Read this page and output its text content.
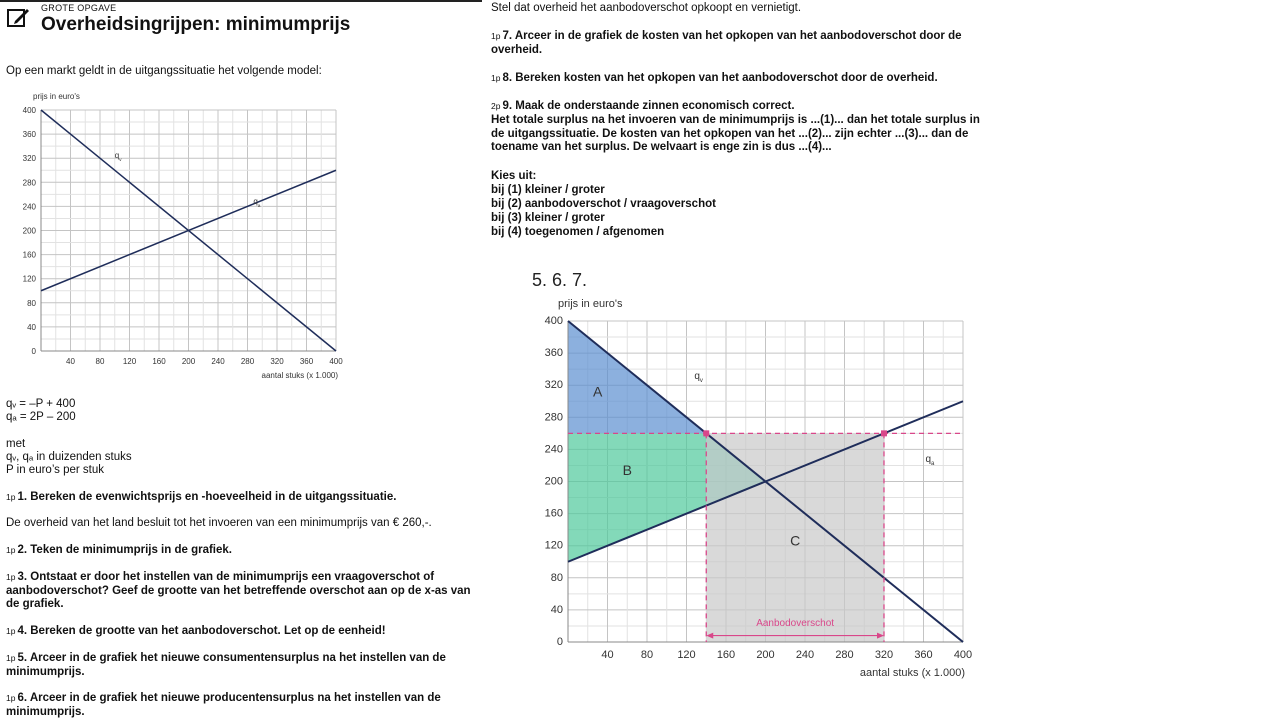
GROTE OPGAVE
Overheidsingrijpen: minimumprijs
Op een markt geldt in de uitgangssituatie het volgende model:
q
v
q
a
0
40
80
120
160
200
240
280
320
360
400
40	80 120 160 200 240 280 320 360 400
prijs in euro's
aantal stuks (x 1.000)
qᵥ = –P + 400
qₐ = 2P – 200
met
qᵥ, qₐ in duizenden stuks
P in euro’s per stuk
1p 1. Bereken de evenwichtsprijs en -hoeveelheid in de uitgangssituatie.
De overheid van het land besluit tot het invoeren van een minimumprijs van € 260,-.
1p 2. Teken de minimumprijs in de grafiek.
1p 3. Ontstaat er door het instellen van de minimumprijs een vraagoverschot of aanbodoverschot? Geef de grootte van het betreffende overschot aan op de x-as van de grafiek.
1p 4. Bereken de grootte van het aanbodoverschot. Let op de eenheid!
1p 5. Arceer in de grafiek het nieuwe consumentensurplus na het instellen van de minimumprijs.
1p 6. Arceer in de grafiek het nieuwe producentensurplus na het instellen van de minimumprijs.
Stel dat overheid het aanbodoverschot opkoopt en vernietigt.
1p 7. Arceer in de grafiek de kosten van het opkopen van het aanbodoverschot door de overheid.
1p 8. Bereken kosten van het opkopen van het aanbodoverschot door de overheid.
2p 9. Maak de onderstaande zinnen economisch correct.
Het totale surplus na het invoeren van de minimumprijs is ...(1)... dan het totale surplus in de uitgangssituatie. De kosten van het opkopen van het ...(2)... zijn echter ...(3)... dan de toename van het surplus. De welvaart is enge zin is dus ...(4)...
Kies uit:
bij (1) kleiner / groter
bij (2) aanbodoverschot / vraagoverschot
bij (3) kleiner / groter
bij (4) toegenomen / afgenomen
5. 6. 7.
Aanbodoverschot
A
B
C
q v
q a
0
40
80
120
160
200
240
280
320
360
400
40 80 120 160 200 240 280 320 360 400
prijs in euro's
aantal stuks (x 1.000)
